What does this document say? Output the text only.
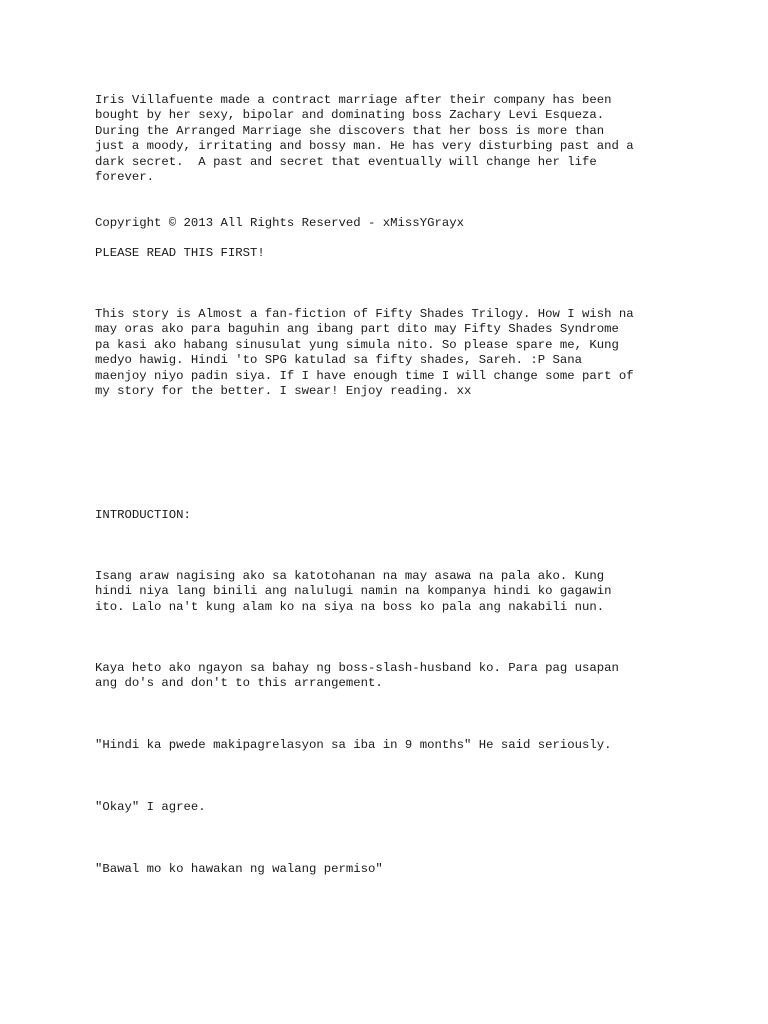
Iris Villafuente made a contract marriage after their company has been
bought by her sexy, bipolar and dominating boss Zachary Levi Esqueza.
During the Arranged Marriage she discovers that her boss is more than
just a moody, irritating and bossy man. He has very disturbing past and a
dark secret.  A past and secret that eventually will change her life
forever.

Copyright © 2013 All Rights Reserved - xMissYGrayx

PLEASE READ THIS FIRST!

This story is Almost a fan-fiction of Fifty Shades Trilogy. How I wish na
may oras ako para baguhin ang ibang part dito may Fifty Shades Syndrome
pa kasi ako habang sinusulat yung simula nito. So please spare me, Kung
medyo hawig. Hindi 'to SPG katulad sa fifty shades, Sareh. :P Sana
maenjoy niyo padin siya. If I have enough time I will change some part of
my story for the better. I swear! Enjoy reading. xx

INTRODUCTION:

Isang araw nagising ako sa katotohanan na may asawa na pala ako. Kung
hindi niya lang binili ang nalulugi namin na kompanya hindi ko gagawin
ito. Lalo na't kung alam ko na siya na boss ko pala ang nakabili nun.

Kaya heto ako ngayon sa bahay ng boss-slash-husband ko. Para pag usapan
ang do's and don't to this arrangement.

"Hindi ka pwede makipagrelasyon sa iba in 9 months" He said seriously.

"Okay" I agree.

"Bawal mo ko hawakan ng walang permiso"
